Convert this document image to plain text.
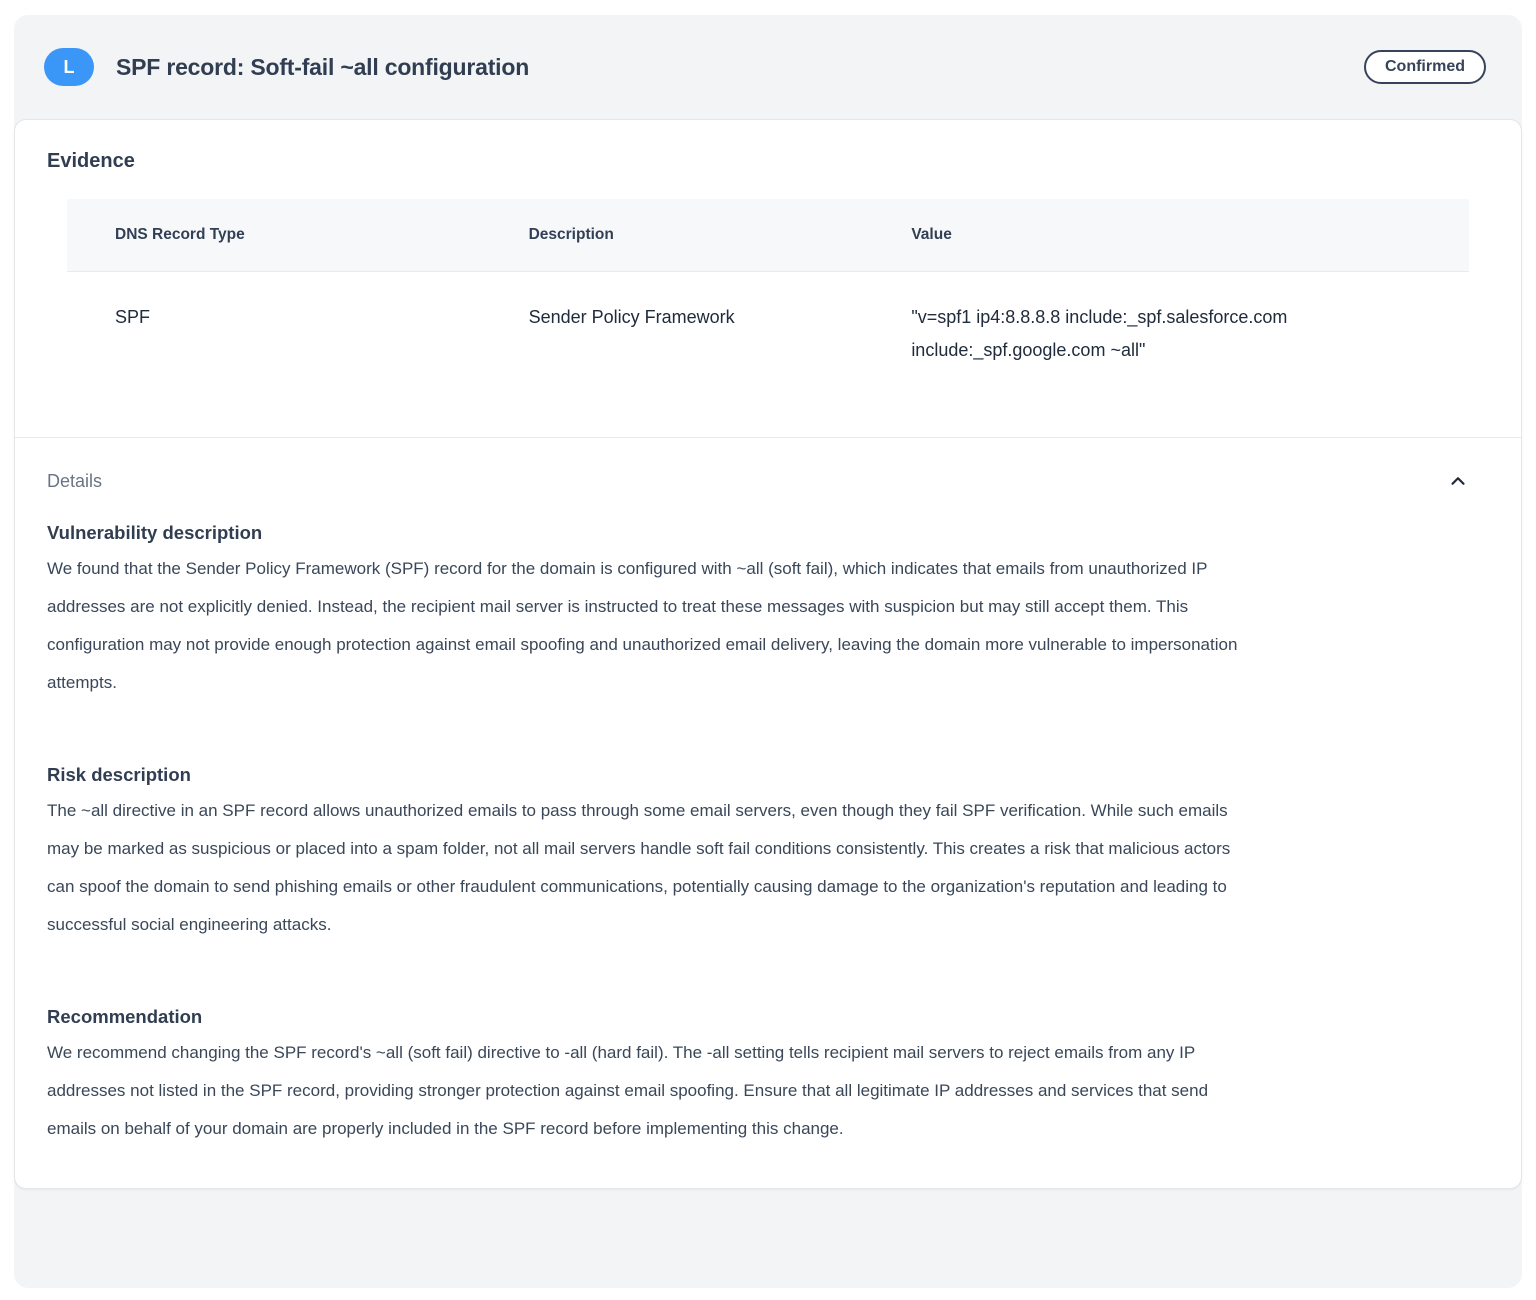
L	SPF record: Soft-fail ~all configuration	Confirmed
Evidence
DNS Record Type	Description	Value
SPF	Sender Policy Framework	"v=spf1 ip4:8.8.8.8 include:_spf.salesforce.com include:_spf.google.com ~all"
Details
Vulnerability description
We found that the Sender Policy Framework (SPF) record for the domain is configured with ~all (soft fail), which indicates that emails from unauthorized IP addresses are not explicitly denied. Instead, the recipient mail server is instructed to treat these messages with suspicion but may still accept them. This configuration may not provide enough protection against email spoofing and unauthorized email delivery, leaving the domain more vulnerable to impersonation attempts.
Risk description
The ~all directive in an SPF record allows unauthorized emails to pass through some email servers, even though they fail SPF verification. While such emails may be marked as suspicious or placed into a spam folder, not all mail servers handle soft fail conditions consistently. This creates a risk that malicious actors can spoof the domain to send phishing emails or other fraudulent communications, potentially causing damage to the organization's reputation and leading to successful social engineering attacks.
Recommendation
We recommend changing the SPF record's ~all (soft fail) directive to -all (hard fail). The -all setting tells recipient mail servers to reject emails from any IP addresses not listed in the SPF record, providing stronger protection against email spoofing. Ensure that all legitimate IP addresses and services that send emails on behalf of your domain are properly included in the SPF record before implementing this change.
